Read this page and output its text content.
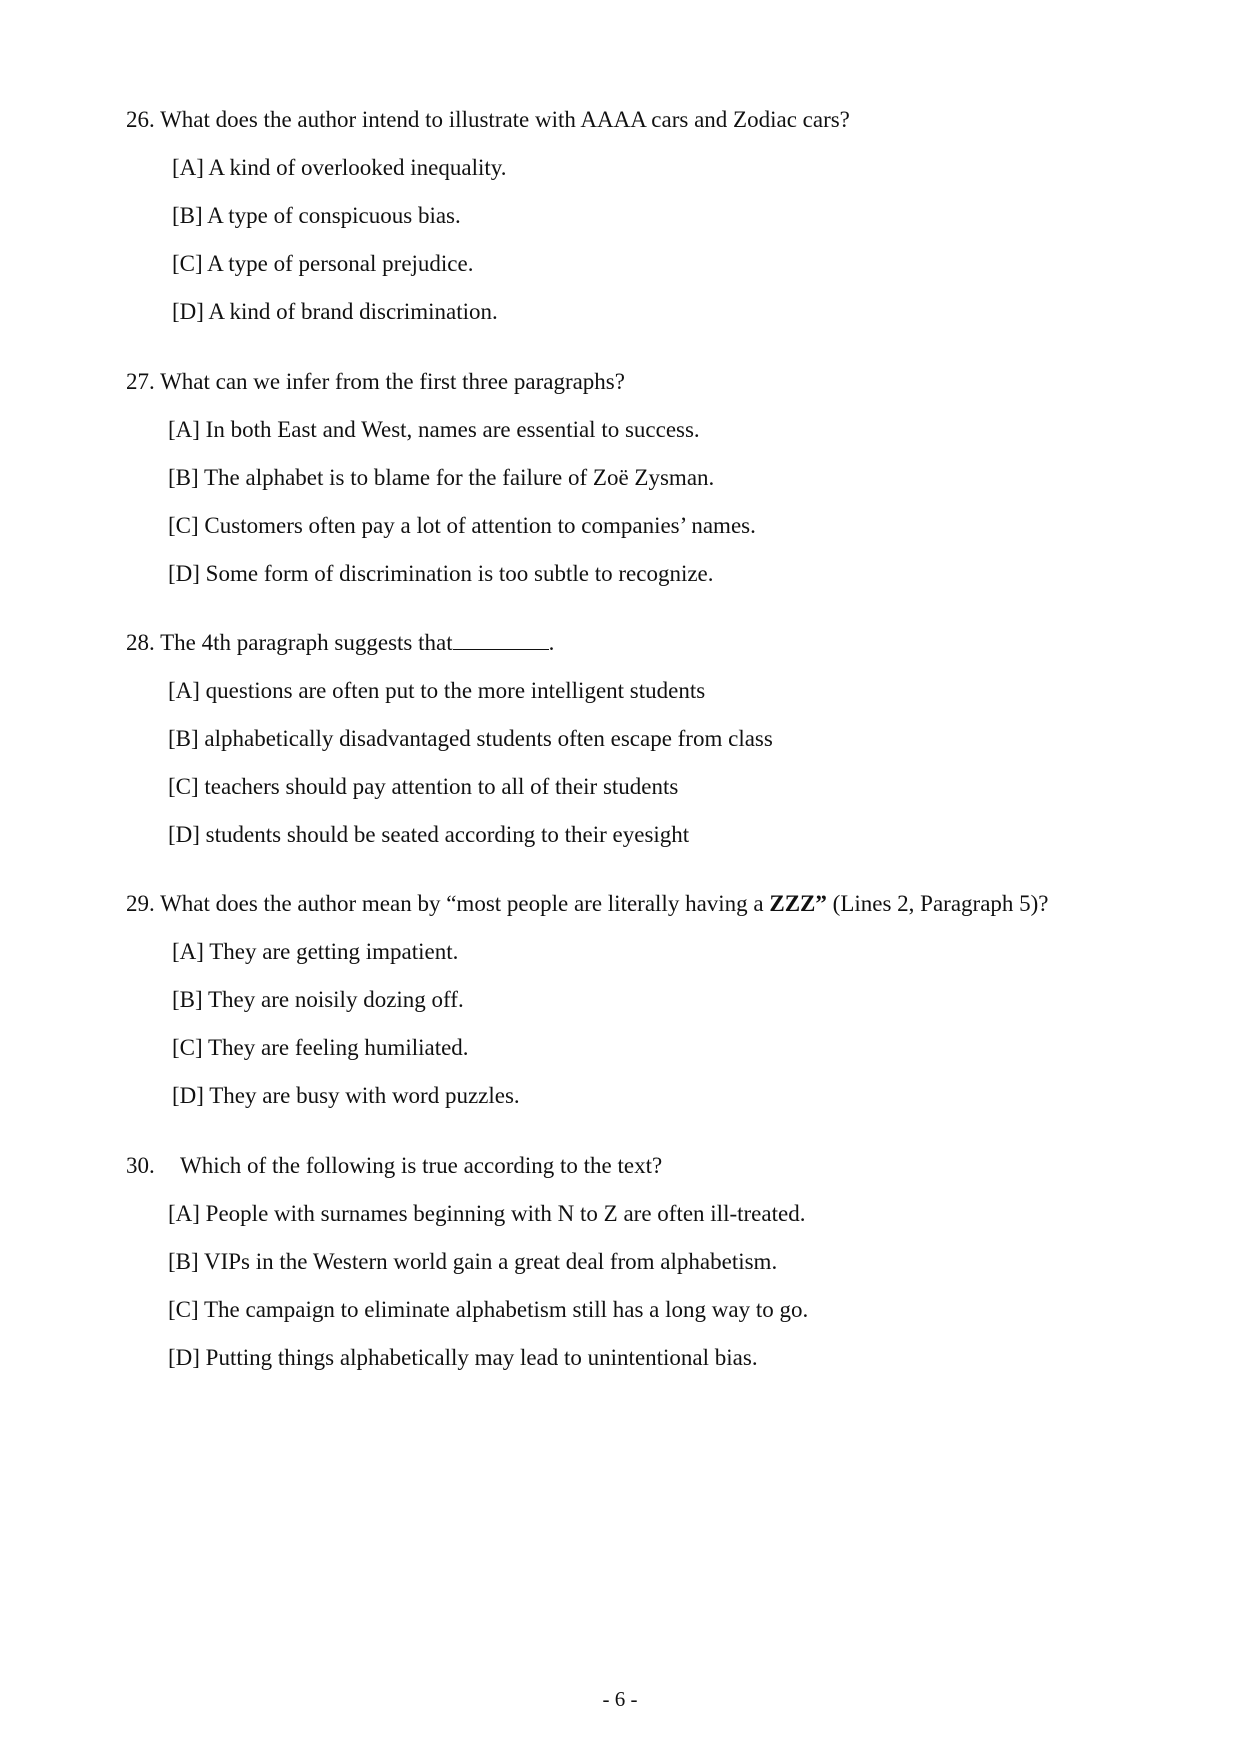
26. What does the author intend to illustrate with AAAA cars and Zodiac cars?
[A] A kind of overlooked inequality.
[B] A type of conspicuous bias.
[C] A type of personal prejudice.
[D] A kind of brand discrimination.
27. What can we infer from the first three paragraphs?
[A] In both East and West, names are essential to success.
[B] The alphabet is to blame for the failure of Zoë Zysman.
[C] Customers often pay a lot of attention to companies’ names.
[D] Some form of discrimination is too subtle to recognize.
28. The 4th paragraph suggests that	.
[A] questions are often put to the more intelligent students
[B] alphabetically disadvantaged students often escape from class
[C] teachers should pay attention to all of their students
[D] students should be seated according to their eyesight
29. What does the author mean by “most people are literally having a ZZZ” (Lines 2, Paragraph 5)?
[A] They are getting impatient.
[B] They are noisily dozing off.
[C] They are feeling humiliated.
[D] They are busy with word puzzles.
30. Which of the following is true according to the text?
[A] People with surnames beginning with N to Z are often ill-treated.
[B] VIPs in the Western world gain a great deal from alphabetism.
[C] The campaign to eliminate alphabetism still has a long way to go.
[D] Putting things alphabetically may lead to unintentional bias.
- 6 -
